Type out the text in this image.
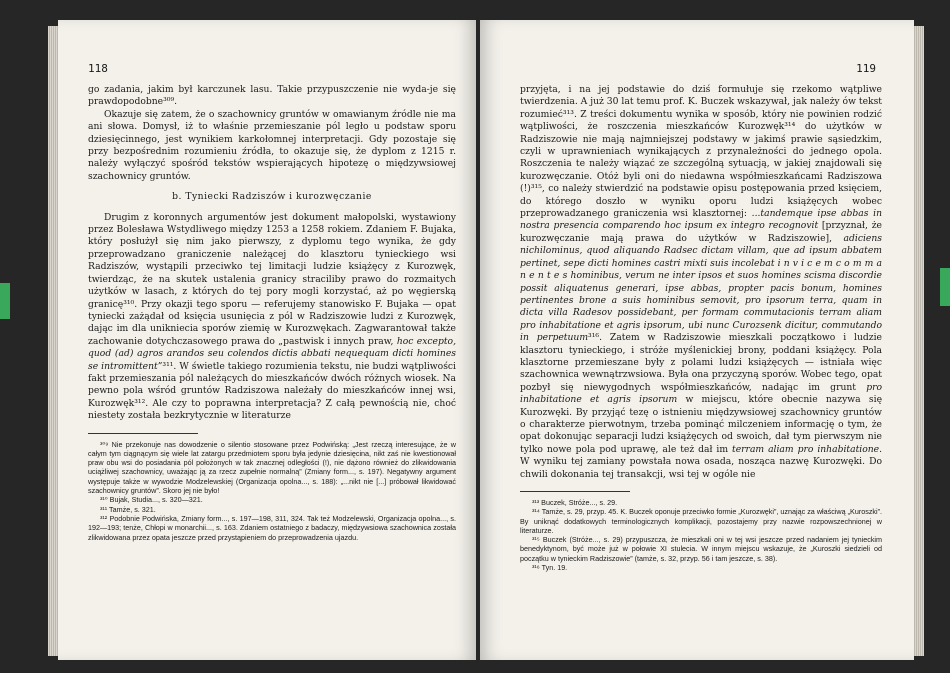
118

go zadania, jakim był karczunek lasu. Takie przypuszczenie nie wyda-je się prawdopodobne³⁰⁹.

Okazuje się zatem, że o szachownicy gruntów w omawianym źródle nie ma ani słowa. Domysł, iż to właśnie przemieszanie pól legło u podstaw sporu dziesięcinnego, jest wynikiem karkołomnej interpretacji. Gdy pozostaje się przy bezpośrednim rozumieniu źródła, to okazuje się, że dyplom z 1215 r. należy wyłączyć spośród tekstów wspierających hipotezę o międzywsiowej szachownicy gruntów.

b. Tyniecki Radziszów i kurozwęczanie

Drugim z koronnych argumentów jest dokument małopolski, wystawiony przez Bolesława Wstydliwego między 1253 a 1258 rokiem. Zdaniem F. Bujaka, który posłużył się nim jako pierwszy, z dyplomu tego wynika, że gdy przeprowadzano graniczenie należącej do klasztoru tynieckiego wsi Radziszów, wystąpili przeciwko tej limitacji ludzie książęcy z Kurozwęk, twierdząc, że na skutek ustalenia granicy straciliby prawo do rozmaitych użytków w lasach, z których do tej pory mogli korzystać, aż po węgierską granicę³¹⁰. Przy okazji tego sporu — referujemy stanowisko F. Bujaka — opat tyniecki zażądał od księcia usunięcia z pól w Radziszowie ludzi z Kurozwęk, dając im dla unikniecia sporów ziemię w Kurozwękach. Zagwarantował także zachowanie dotychczasowego prawa do „pastwisk i innych praw, hoc excepto, quod (ad) agros arandos seu colendos dictis abbati nequequam dicti homines se intromittent”³¹¹. W świetle takiego rozumienia tekstu, nie budzi wątpliwości fakt przemieszania pól należących do mieszkańców dwóch różnych wiosek. Na pewno pola wśród gruntów Radziszowa należały do mieszkańców innej wsi, Kurozwęk³¹². Ale czy to poprawna interpretacja? Z całą pewnością nie, choć niestety została bezkrytycznie w literaturze

³⁰⁹ Nie przekonuje nas dowodzenie o silentio stosowane przez Podwińską: „Jest rzeczą interesujące, że w całym tym ciągnącym się wiele lat zatargu przedmiotem sporu była jedynie dziesięcina, nikt zaś nie kwestionował praw obu wsi do posiadania pól położonych w tak znacznej odległości (!), nie dążono również do zlikwidowania uciążliwej szachownicy, uważając ją za rzecz zupełnie normalną” (Zmiany form..., s. 197). Negatywny argument występuje także w wywodzie Modzelewskiej (Organizacja opolna..., s. 188): „...nikt nie [...] próbował likwidować szachownicy gruntów”. Skoro jej nie było!

³¹⁰ Bujak, Studia..., s. 320—321.

³¹¹ Tamże, s. 321.

³¹² Podobnie Podwińska, Zmiany form..., s. 197—198, 311, 324. Tak też Modzelewski, Organizacja opolna..., s. 192—193; tenże, Chłopi w monarchii..., s. 163. Zdaniem ostatniego z badaczy, międzywsiowa szachownica została zlikwidowana przez opata jeszcze przed przystąpieniem do przeprowadzenia ujazdu.

119

przyjęta, i na jej podstawie do dziś formułuje się rzekomo wątpliwe twierdzenia. A już 30 lat temu prof. K. Buczek wskazywał, jak należy ów tekst rozumieć³¹³. Z treści dokumentu wynika w sposób, który nie powinien rodzić wątpliwości, że roszczenia mieszkańców Kurozwęk³¹⁴ do użytków w Radziszowie nie mają najmniejszej podstawy w jakimś prawie sąsiedzkim, czyli w uprawnieniach wynikających z przynależności do jednego opola. Roszczenia te należy wiązać ze szczególną sytuacją, w jakiej znajdowali się kurozwęczanie. Otóż byli oni do niedawna współmieszkańcami Radziszowa (!)³¹⁵, co należy stwierdzić na podstawie opisu postępowania przed księciem, do którego doszło w wyniku oporu ludzi książęcych wobec przeprowadzanego graniczenia wsi klasztornej: ...tandemque ipse abbas in nostra presencia comparendo hoc ipsum ex integro recognovit [przyznał, że kurozwęczanie mają prawa do użytków w Radziszowie], adiciens nichilominus, quod aliquando Radsec dictam villam, que ad ipsum abbatem pertinet, sepe dicti homines castri mixti suis incolebat i n v i c e m c o m m a n e n t e s hominibus, verum ne inter ipsos et suos homines scisma discordie possit aliquatenus generari, ipse abbas, propter pacis bonum, homines pertinentes brone a suis hominibus semovit, pro ipsorum terra, quam in dicta villa Radesov possidebant, per formam commutacionis terram aliam pro inhabitatione et agris ipsorum, ubi nunc Curozsenk dicitur, commutando in perpetuum³¹⁶. Zatem w Radziszowie mieszkali początkowo i ludzie klasztoru tynieckiego, i stróże myślenickiej brony, poddani książęcy. Pola klasztorne przemieszane były z polami ludzi książęcych — istniała więc szachownica wewnątrzwsiowa. Była ona przyczyną sporów. Wobec tego, opat pozbył się niewygodnych współmieszkańców, nadając im grunt pro inhabitatione et agris ipsorum w miejscu, które obecnie nazywa się Kurozwęki. By przyjąć tezę o istnieniu międzywsiowej szachownicy gruntów o charakterze pierwotnym, trzeba pominąć milczeniem informację o tym, że opat dokonując separacji ludzi książęcych od swoich, dał tym pierwszym nie tylko nowe pola pod uprawę, ale też dał im terram aliam pro inhabitatione. W wyniku tej zamiany powstała nowa osada, nosząca nazwę Kurozwęki. Do chwili dokonania tej transakcji, wsi tej w ogóle nie

³¹³ Buczek, Stróże..., s. 29.

³¹⁴ Tamże, s. 29, przyp. 45. K. Buczek oponuje przeciwko formie „Kurozwęki”, uznając za właściwą „Kuroszki”. By uniknąć dodatkowych terminologicznych komplikacji, pozostajemy przy nazwie rozpowszechnionej w literaturze.

³¹⁵ Buczek (Stróże..., s. 29) przypuszcza, że mieszkali oni w tej wsi jeszcze przed nadaniem jej tynieckim benedyktynom, być może już w połowie XI stulecia. W innym miejscu wskazuje, że „Kuroszki siedzieli od początku w tynieckim Radziszowie” (tamże, s. 32, przyp. 56 i tam jeszcze, s. 38).

³¹⁶ Tyn. 19.
